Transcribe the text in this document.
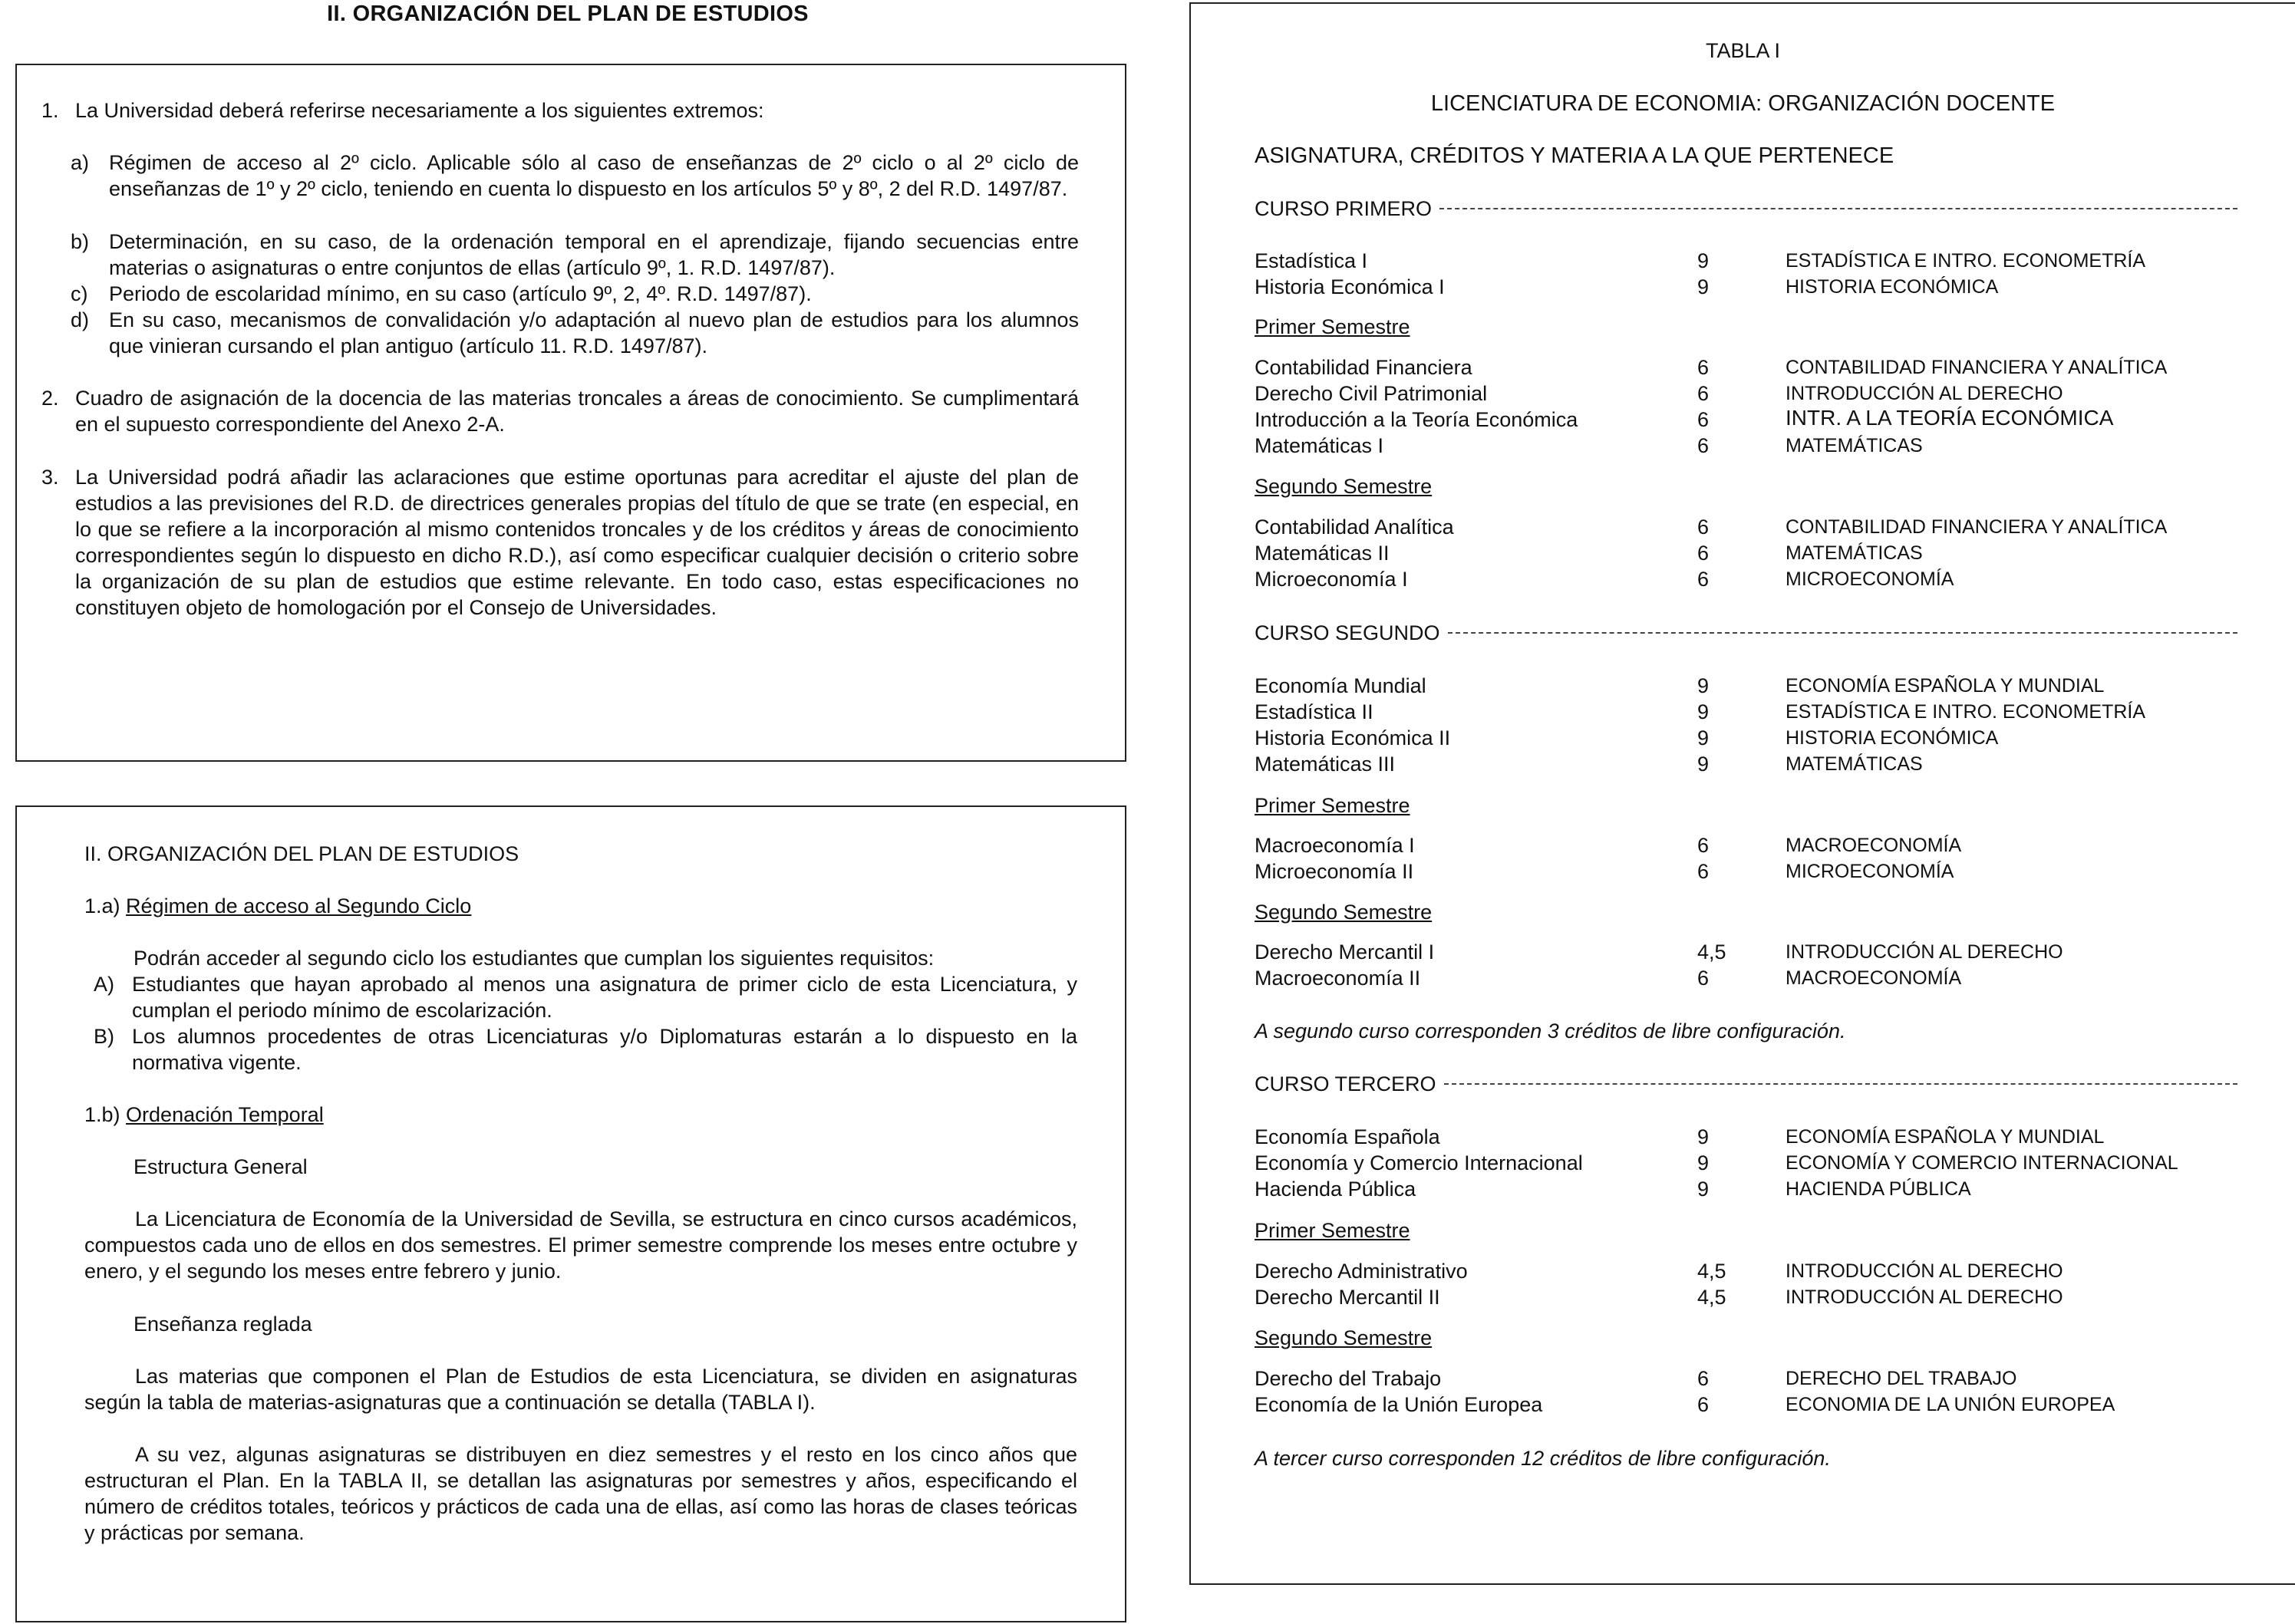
II. ORGANIZACIÓN DEL PLAN DE ESTUDIOS
1. La Universidad deberá referirse necesariamente a los siguientes extremos:
a) Régimen de acceso al 2º ciclo. Aplicable sólo al caso de enseñanzas de 2º ciclo o al 2º ciclo de enseñanzas de 1º y 2º ciclo, teniendo en cuenta lo dispuesto en los artículos 5º y 8º, 2 del R.D. 1497/87.
b) Determinación, en su caso, de la ordenación temporal en el aprendizaje, fijando secuencias entre materias o asignaturas o entre conjuntos de ellas (artículo 9º, 1. R.D. 1497/87).
c) Periodo de escolaridad mínimo, en su caso (artículo 9º, 2, 4º. R.D. 1497/87).
d) En su caso, mecanismos de convalidación y/o adaptación al nuevo plan de estudios para los alumnos que vinieran cursando el plan antiguo (artículo 11. R.D. 1497/87).
2. Cuadro de asignación de la docencia de las materias troncales a áreas de conocimiento. Se cumplimentará en el supuesto correspondiente del Anexo 2-A.
3. La Universidad podrá añadir las aclaraciones que estime oportunas para acreditar el ajuste del plan de estudios a las previsiones del R.D. de directrices generales propias del título de que se trate (en especial, en lo que se refiere a la incorporación al mismo contenidos troncales y de los créditos y áreas de conocimiento correspondientes según lo dispuesto en dicho R.D.), así como especificar cualquier decisión o criterio sobre la organización de su plan de estudios que estime relevante. En todo caso, estas especificaciones no constituyen objeto de homologación por el Consejo de Universidades.
II. ORGANIZACIÓN DEL PLAN DE ESTUDIOS
1.a) Régimen de acceso al Segundo Ciclo
Podrán acceder al segundo ciclo los estudiantes que cumplan los siguientes requisitos:
A) Estudiantes que hayan aprobado al menos una asignatura de primer ciclo de esta Licenciatura, y cumplan el periodo mínimo de escolarización.
B) Los alumnos procedentes de otras Licenciaturas y/o Diplomaturas estarán a lo dispuesto en la normativa vigente.
1.b) Ordenación Temporal
Estructura General
La Licenciatura de Economía de la Universidad de Sevilla, se estructura en cinco cursos académicos, compuestos cada uno de ellos en dos semestres. El primer semestre comprende los meses entre octubre y enero, y el segundo los meses entre febrero y junio.
Enseñanza reglada
Las materias que componen el Plan de Estudios de esta Licenciatura, se dividen en asignaturas según la tabla de materias-asignaturas que a continuación se detalla (TABLA I).
A su vez, algunas asignaturas se distribuyen en diez semestres y el resto en los cinco años que estructuran el Plan. En la TABLA II, se detallan las asignaturas por semestres y años, especificando el número de créditos totales, teóricos y prácticos de cada una de ellas, así como las horas de clases teóricas y prácticas por semana.
TABLA I
LICENCIATURA DE ECONOMIA: ORGANIZACIÓN DOCENTE
ASIGNATURA, CRÉDITOS Y MATERIA A LA QUE PERTENECE
CURSO PRIMERO
Estadística I	9	ESTADÍSTICA E INTRO. ECONOMETRÍA
Historia Económica I	9	HISTORIA ECONÓMICA
Primer Semestre
Contabilidad Financiera	6	CONTABILIDAD FINANCIERA Y ANALÍTICA
Derecho Civil Patrimonial	6	INTRODUCCIÓN AL DERECHO
Introducción a la Teoría Económica	6	INTR. A LA TEORÍA ECONÓMICA
Matemáticas I	6	MATEMÁTICAS
Segundo Semestre
Contabilidad Analítica	6	CONTABILIDAD FINANCIERA Y ANALÍTICA
Matemáticas II	6	MATEMÁTICAS
Microeconomía I	6	MICROECONOMÍA
CURSO SEGUNDO
Economía Mundial	9	ECONOMÍA ESPAÑOLA Y MUNDIAL
Estadística II	9	ESTADÍSTICA E INTRO. ECONOMETRÍA
Historia Económica II	9	HISTORIA ECONÓMICA
Matemáticas III	9	MATEMÁTICAS
Primer Semestre
Macroeconomía I	6	MACROECONOMÍA
Microeconomía II	6	MICROECONOMÍA
Segundo Semestre
Derecho Mercantil I	4,5	INTRODUCCIÓN AL DERECHO
Macroeconomía II	6	MACROECONOMÍA
A segundo curso corresponden 3 créditos de libre configuración.
CURSO TERCERO
Economía Española	9	ECONOMÍA ESPAÑOLA Y MUNDIAL
Economía y Comercio Internacional	9	ECONOMÍA Y COMERCIO INTERNACIONAL
Hacienda Pública	9	HACIENDA PÚBLICA
Primer Semestre
Derecho Administrativo	4,5	INTRODUCCIÓN AL DERECHO
Derecho Mercantil II	4,5	INTRODUCCIÓN AL DERECHO
Segundo Semestre
Derecho del Trabajo	6	DERECHO DEL TRABAJO
Economía de la Unión Europea	6	ECONOMIA DE LA UNIÓN EUROPEA
A tercer curso corresponden 12 créditos de libre configuración.
